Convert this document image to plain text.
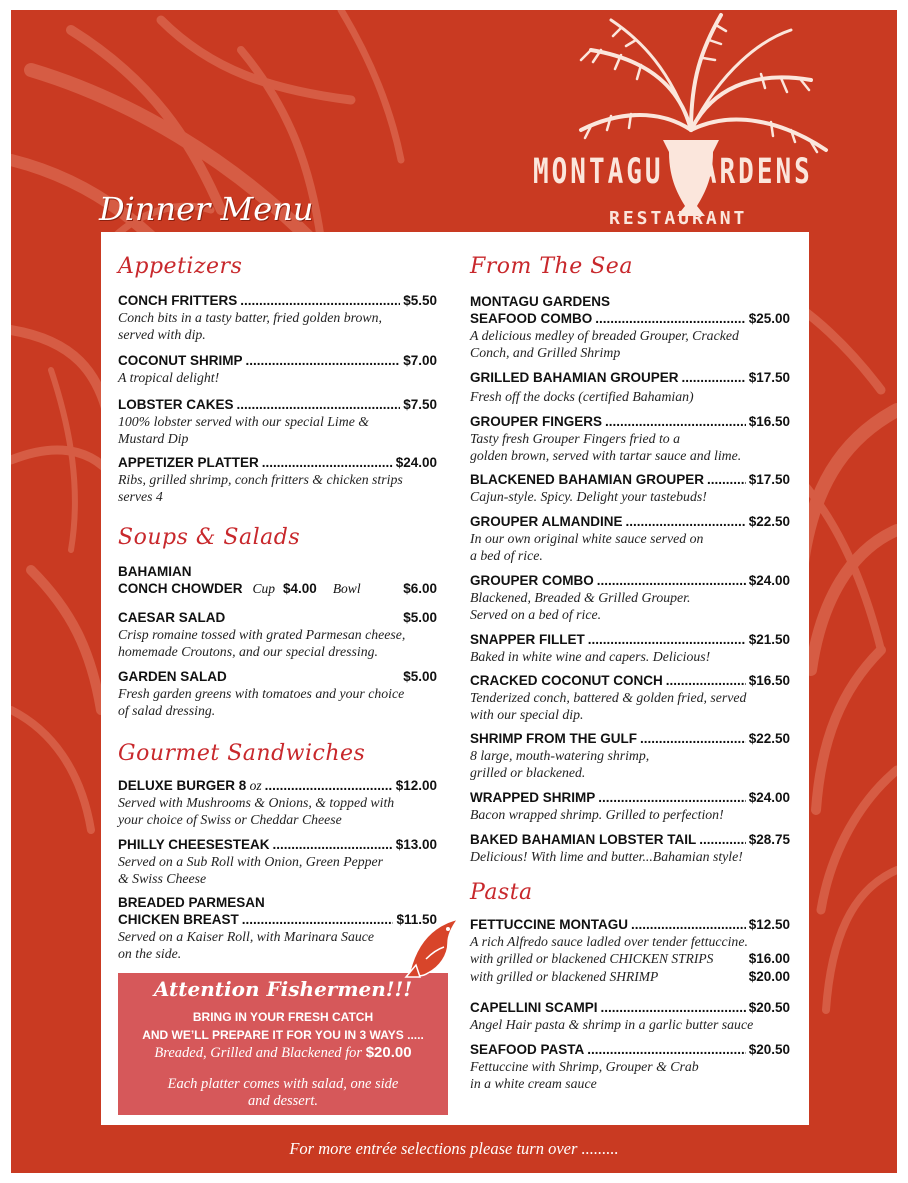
MONTAGU GARDENS
RESTAURANT
Dinner Menu
Appetizers
CONCH FRITTERS .....	$5.50
Conch bits in a tasty batter, fried golden brown,
served with dip.
COCONUT SHRIMP .....	$7.00
A tropical delight!
LOBSTER CAKES .....	$7.50
100% lobster served with our special Lime &
Mustard Dip
APPETIZER PLATTER .....	$24.00
Ribs, grilled shrimp, conch fritters & chicken strips
serves 4
Soups & Salads
BAHAMIAN
CONCH CHOWDER Cup $4.00 Bowl	$6.00
CAESAR SALAD	$5.00
Crisp romaine tossed with grated Parmesan cheese,
homemade Croutons, and our special dressing.
GARDEN SALAD	$5.00
Fresh garden greens with tomatoes and your choice
of salad dressing.
Gourmet Sandwiches
DELUXE BURGER 8 oz .....	$12.00
Served with Mushrooms & Onions, & topped with
your choice of Swiss or Cheddar Cheese
PHILLY CHEESESTEAK .....	$13.00
Served on a Sub Roll with Onion, Green Pepper
& Swiss Cheese
BREADED PARMESAN
CHICKEN BREAST .....	$11.50
Served on a Kaiser Roll, with Marinara Sauce
on the side.
From The Sea
MONTAGU GARDENS
SEAFOOD COMBO .....	$25.00
A delicious medley of breaded Grouper, Cracked
Conch, and Grilled Shrimp
GRILLED BAHAMIAN GROUPER .....	$17.50
Fresh off the docks (certified Bahamian)
GROUPER FINGERS .....	$16.50
Tasty fresh Grouper Fingers fried to a
golden brown, served with tartar sauce and lime.
BLACKENED BAHAMIAN GROUPER .....	$17.50
Cajun-style. Spicy. Delight your tastebuds!
GROUPER ALMANDINE .....	$22.50
In our own original white sauce served on
a bed of rice.
GROUPER COMBO .....	$24.00
Blackened, Breaded & Grilled Grouper.
Served on a bed of rice.
SNAPPER FILLET .....	$21.50
Baked in white wine and capers. Delicious!
CRACKED COCONUT CONCH .....	$16.50
Tenderized conch, battered & golden fried, served
with our special dip.
SHRIMP FROM THE GULF .....	$22.50
8 large, mouth-watering shrimp,
grilled or blackened.
WRAPPED SHRIMP .....	$24.00
Bacon wrapped shrimp. Grilled to perfection!
BAKED BAHAMIAN LOBSTER TAIL .....	$28.75
Delicious! With lime and butter...Bahamian style!
Pasta
FETTUCCINE MONTAGU .....	$12.50
A rich Alfredo sauce ladled over tender fettuccine.
with grilled or blackened CHICKEN STRIPS	$16.00
with grilled or blackened SHRIMP	$20.00
CAPELLINI SCAMPI .....	$20.50
Angel Hair pasta & shrimp in a garlic butter sauce
SEAFOOD PASTA .....	$20.50
Fettuccine with Shrimp, Grouper & Crab
in a white cream sauce
Attention Fishermen!!!
BRING IN YOUR FRESH CATCH
AND WE’LL PREPARE IT FOR YOU IN 3 WAYS .....
Breaded, Grilled and Blackened for $20.00
Each platter comes with salad, one side
and dessert.
For more entrée selections please turn over .........
